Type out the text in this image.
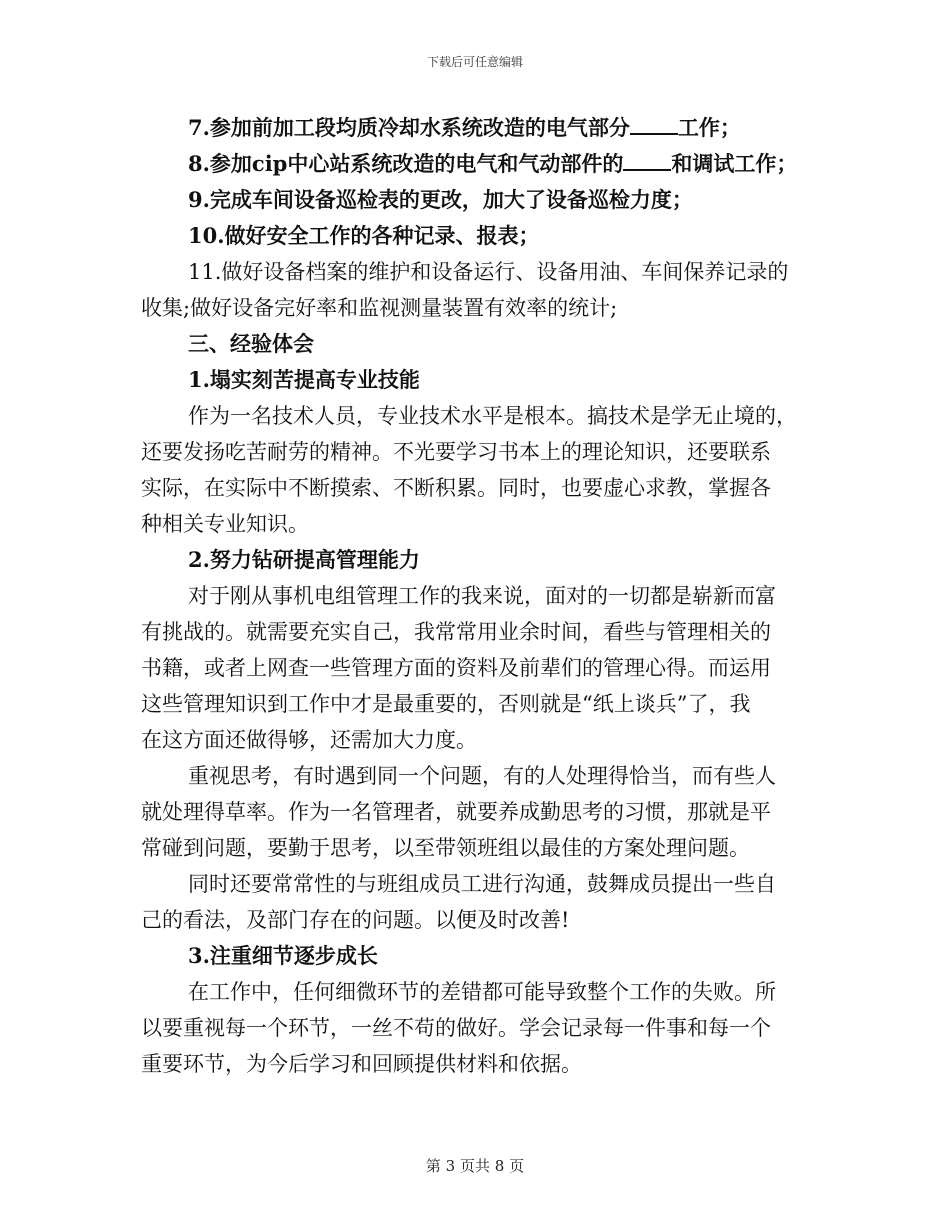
下载后可任意编辑
7.参加前加工段均质冷却水系统改造的电气部分 工作；
8.参加cip中心站系统改造的电气和气动部件的 和调试工作；
9.完成车间设备巡检表的更改，加大了设备巡检力度；
10.做好安全工作的各种记录、报表；
11.做好设备档案的维护和设备运行、设备用油、车间保养记录的
收集;做好设备完好率和监视测量装置有效率的统计;
三、经验体会
1.塌实刻苦提高专业技能
作为一名技术人员，专业技术水平是根本。搞技术是学无止境的，
还要发扬吃苦耐劳的精神。不光要学习书本上的理论知识，还要联系
实际，在实际中不断摸索、不断积累。同时，也要虚心求教，掌握各
种相关专业知识。
2.努力钻研提高管理能力
对于刚从事机电组管理工作的我来说，面对的一切都是崭新而富
有挑战的。就需要充实自己，我常常用业余时间，看些与管理相关的
书籍，或者上网查一些管理方面的资料及前辈们的管理心得。而运用
这些管理知识到工作中才是最重要的，否则就是“纸上谈兵”了，我
在这方面还做得够，还需加大力度。
重视思考，有时遇到同一个问题，有的人处理得恰当，而有些人
就处理得草率。作为一名管理者，就要养成勤思考的习惯，那就是平
常碰到问题，要勤于思考，以至带领班组以最佳的方案处理问题。
同时还要常常性的与班组成员工进行沟通，鼓舞成员提出一些自
己的看法，及部门存在的问题。以便及时改善!
3.注重细节逐步成长
在工作中，任何细微环节的差错都可能导致整个工作的失败。所
以要重视每一个环节，一丝不苟的做好。学会记录每一件事和每一个
重要环节，为今后学习和回顾提供材料和依据。
第 3 页共 8 页
